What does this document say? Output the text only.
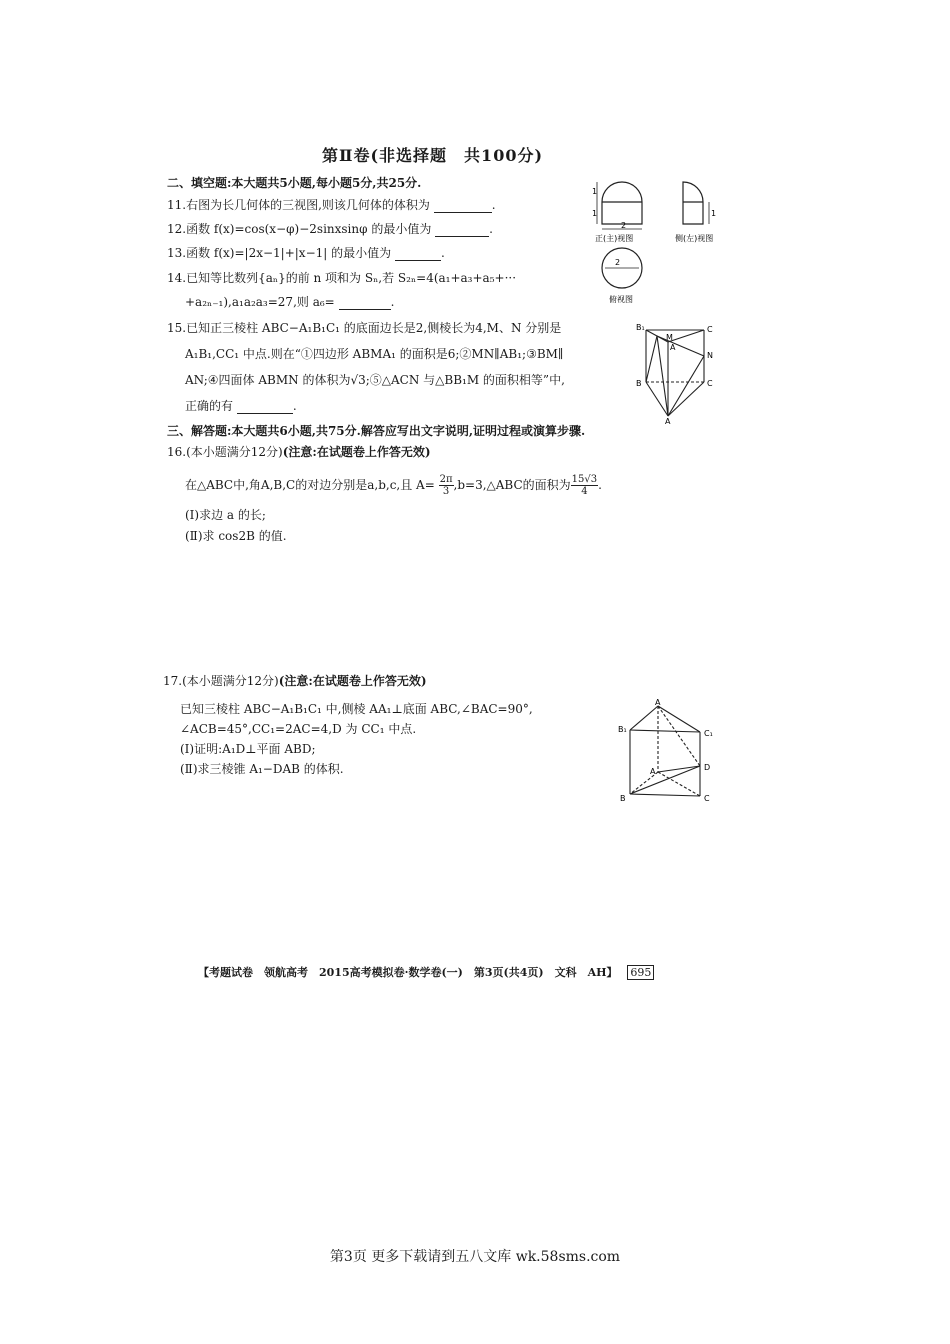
第Ⅱ卷(非选择题　共100分)
二、填空题:本大题共5小题,每小题5分,共25分.
11.右图为长几何体的三视图,则该几何体的体积为	.
12.函数 f(x)=cos(x−φ)−2sinxsinφ 的最小值为	.
13.函数 f(x)=|2x−1|+|x−1| 的最小值为	.
14.已知等比数列{aₙ}的前 n 项和为 Sₙ,若 S₂ₙ=4(a₁+a₃+a₅+···
+a₂ₙ₋₁),a₁a₂a₃=27,则 a₆=	.
15.已知正三棱柱 ABC−A₁B₁C₁ 的底面边长是2,侧棱长为4,M、N 分别是
A₁B₁,CC₁ 中点.则在“①四边形 ABMA₁ 的面积是6;②MN∥AB₁;③BM∥
AN;④四面体 ABMN 的体积为√3;⑤△ACN 与△BB₁M 的面积相等”中,
正确的有	.
三、解答题:本大题共6小题,共75分.解答应写出文字说明,证明过程或演算步骤.
16.(本小题满分12分)(注意:在试题卷上作答无效)
在△ABC中,角A,B,C的对边分别是a,b,c,且 $A= \frac{2\pi}{3}$ ,b=3,△ABC的面积为 $\frac{15√3}{4}$ .
(Ⅰ)求边 a 的长;
(Ⅱ)求 cos2B 的值.
17.(本小题满分12分)(注意:在试题卷上作答无效)
已知三棱柱 ABC−A₁B₁C₁ 中,侧棱 AA₁⊥底面 ABC,∠BAC=90°,
∠ACB=45°,CC₁=2AC=4,D 为 CC₁ 中点.
(Ⅰ)证明:A₁D⊥平面 ABD;
(Ⅱ)求三棱锥 A₁−DAB 的体积.
1
1
2
1
2
正(主)视图	侧(左)视图
俯视图
B₁
M
A
C
N
B	C
A
A
B₁	C₁
A	D
B	C
【考题试卷　领航高考　2015高考模拟卷·数学卷(一)　第3页(共4页)　文科　AH】 695
第3页 更多下载请到五八文库 wk.58sms.com
